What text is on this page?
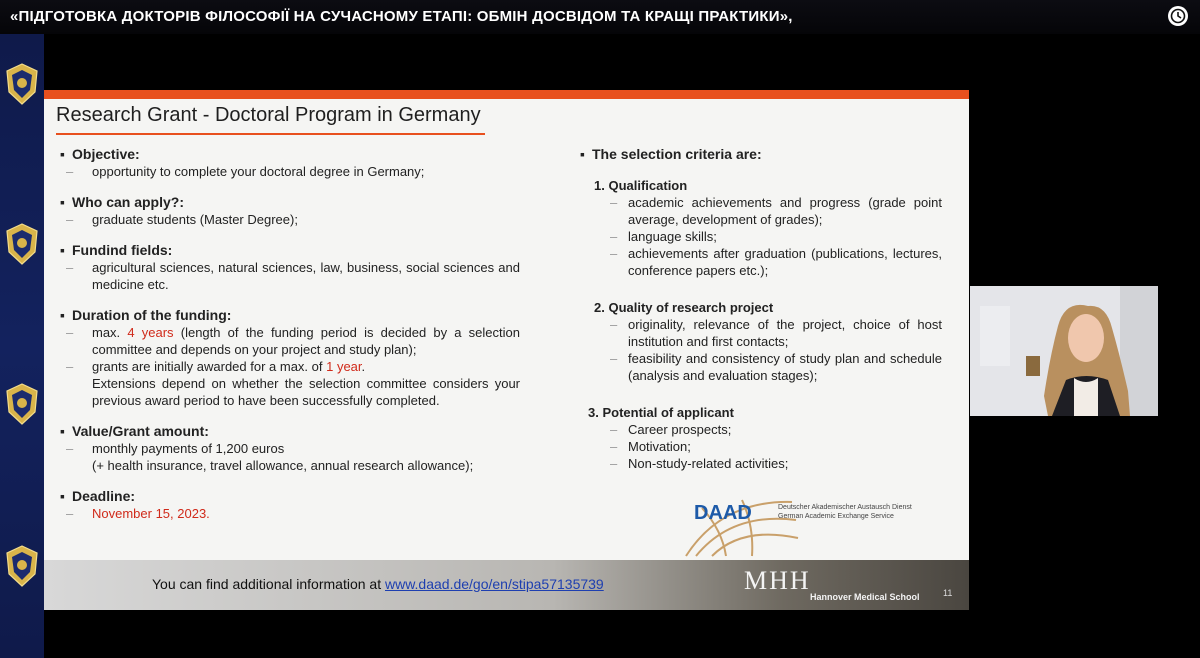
«ПІДГОТОВКА ДОКТОРІВ ФІЛОСОФІЇ НА СУЧАСНОМУ ЕТАПІ: ОБМІН ДОСВІДОМ ТА КРАЩІ ПРАКТИКИ»,
Research Grant - Doctoral Program in Germany
▪ Objective:
–	opportunity to complete your doctoral degree in Germany;
▪ Who can apply?:
–	graduate students (Master Degree);
▪ Fundind fields:
–	agricultural sciences, natural sciences, law, business, social sciences and medicine etc.
▪ Duration of the funding:
–	max. 4 years (length of the funding period is decided by a selection committee and depends on your project and study plan);
–	grants are initially awarded for a max. of 1 year.
Extensions depend on whether the selection committee considers your previous award period to have been successfully completed.
▪ Value/Grant amount:
–	monthly payments of 1,200 euros
(+ health insurance, travel allowance, annual research allowance);
▪ Deadline:
–	November 15, 2023.
▪ The selection criteria are:
1. Qualification
– academic achievements and progress (grade point average, development of grades);
– language skills;
– achievements after graduation (publications, lectures, conference papers etc.);
2. Quality of research project
– originality, relevance of the project, choice of host institution and first contacts;
– feasibility and consistency of study plan and schedule (analysis and evaluation stages);
3. Potential of applicant
– Career prospects;
– Motivation;
– Non-study-related activities;
DAAD	Deutscher Akademischer Austausch Dienst
German Academic Exchange Service
You can find additional information at www.daad.de/go/en/stipa57135739	MHH
Hannover Medical School	11
